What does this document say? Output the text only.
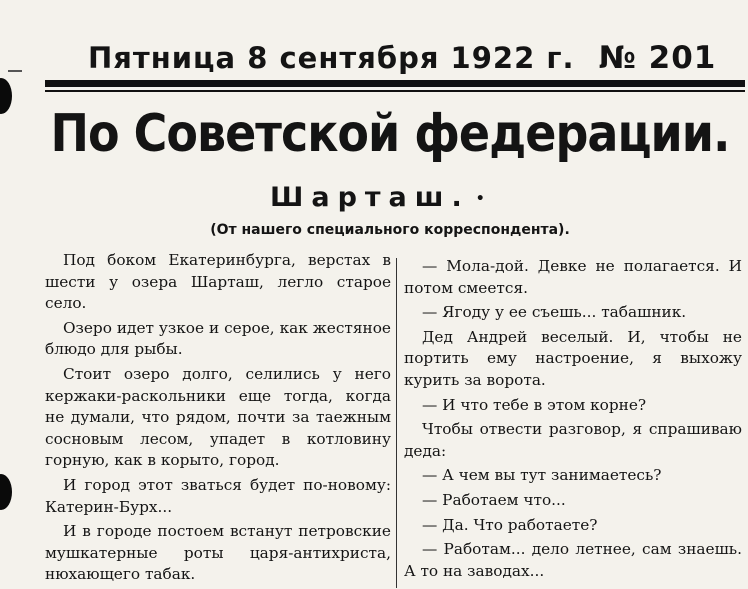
Пятница 8 сентября 1922 г. № 201
По Советской федерации.
Шарташ. •
(От нашего специального корреспондента).

Под боком Екатеринбурга, верстах в шести у озера Шарташ, легло старое село.

Озеро идет узкое и серое, как жестяное блюдо для рыбы.

Стоит озеро долго, селились у него кержаки-раскольники еще тогда, когда не думали, что рядом, почти за таежным сосновым лесом, упадет в котловину горную, как в корыто, город.

И город этот зваться будет по-новому: Катерин-Бурх...

И в городе постоем встанут петровские мушкатерные роты царя-антихриста, нюхающего табак.

— Мола-дой. Девке не полагается. И потом смеется.

— Ягоду у ее съешь... табашник.

Дед Андрей веселый. И, чтобы не портить ему настроение, я выхожу курить за ворота.

— И что тебе в этом корне?

Чтобы отвести разговор, я спрашиваю деда:

— А чем вы тут занимаетесь?

— Работаем что...

— Да. Что работаете?

— Работам... дело летнее, сам знаешь. А то на заводах...
